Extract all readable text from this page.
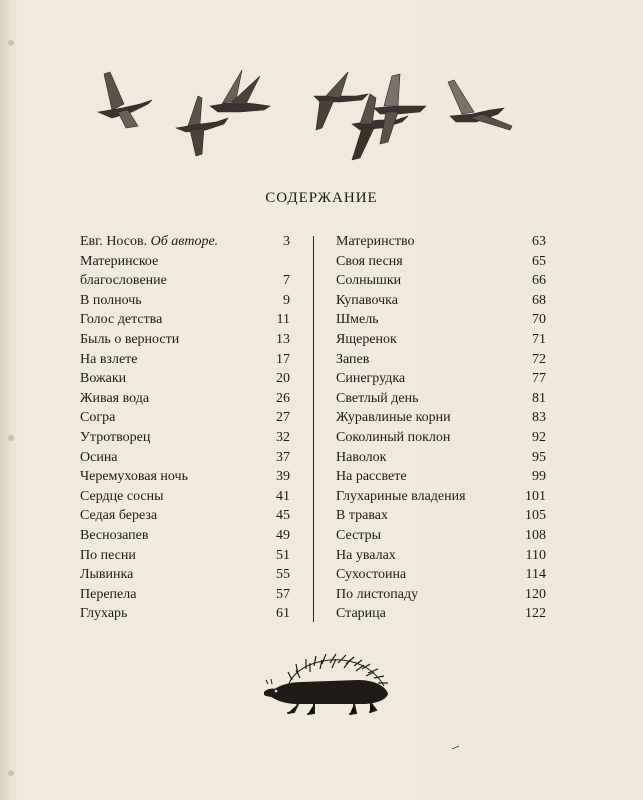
СОДЕРЖАНИЕ
Евг. Носов. Об авторе.	3
Материнское
благословение	7
В полночь	9
Голос детства	11
Быль о верности	13
На взлете	17
Вожаки	20
Живая вода	26
Согра	27
Утротворец	32
Осина	37
Черемуховая ночь	39
Сердце сосны	41
Седая береза	45
Веснозапев	49
По песни	51
Лывинка	55
Перепела	57
Глухарь	61
Материнство	63
Своя песня	65
Солнышки	66
Купавочка	68
Шмель	70
Ящеренок	71
Запев	72
Синегрудка	77
Светлый день	81
Журавлиные корни	83
Соколиный поклон	92
Наволок	95
На рассвете	99
Глухариные владения	101
В травах	105
Сестры	108
На увалах	110
Сухостоина	114
По листопаду	120
Старица	122
